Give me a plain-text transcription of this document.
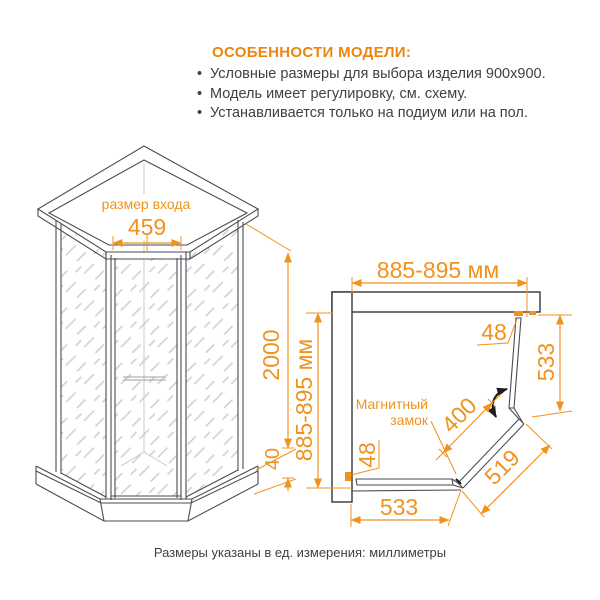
ОСОБЕННОСТИ МОДЕЛИ:
• Условные размеры для выбора изделия 900x900.
• Модель имеет регулировку, см. схему.
• Устанавливается только на подиум или на пол.
размер входа
459
2000
40
885-895 мм
885-895 мм	533
533
519
400
48
48
Магнитный
замок
Размеры указаны в ед. измерения: миллиметры
